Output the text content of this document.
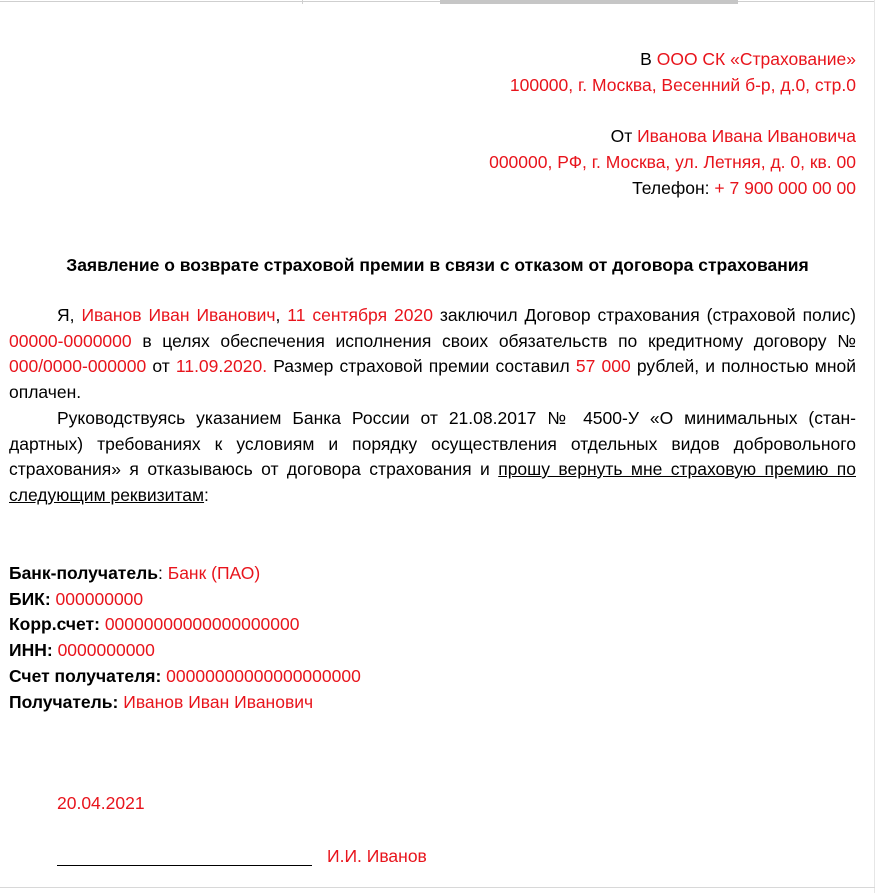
В ООО СК «Страхование»
100000, г. Москва, Весенний б-р, д.0, стр.0
От Иванова Ивана Ивановича
000000, РФ, г. Москва, ул. Летняя, д. 0, кв. 00
Телефон: + 7 900 000 00 00
Заявление о возврате страховой премии в связи с отказом от договора страхования
Я, Иванов Иван Иванович, 11 сентября 2020 заключил Договор страхования (страховой полис) 00000-0000000 в целях обеспечения исполнения своих обязательств по кредитному договору № 000/0000-000000 от 11.09.2020. Размер страховой премии составил 57 000 рублей, и полностью мной оплачен.
Руководствуясь указанием Банка России от 21.08.2017 № 4500-У «О минимальных (стандартных) требованиях к условиям и порядку осуществления отдельных видов добровольного страхования» я отказываюсь от договора страхования и прошу вернуть мне страховую премию по следующим реквизитам:
Банк-получатель: Банк (ПАО)
БИК: 000000000
Корр.счет: 00000000000000000000
ИНН: 0000000000
Счет получателя: 00000000000000000000
Получатель: Иванов Иван Иванович
20.04.2021
И.И. Иванов
